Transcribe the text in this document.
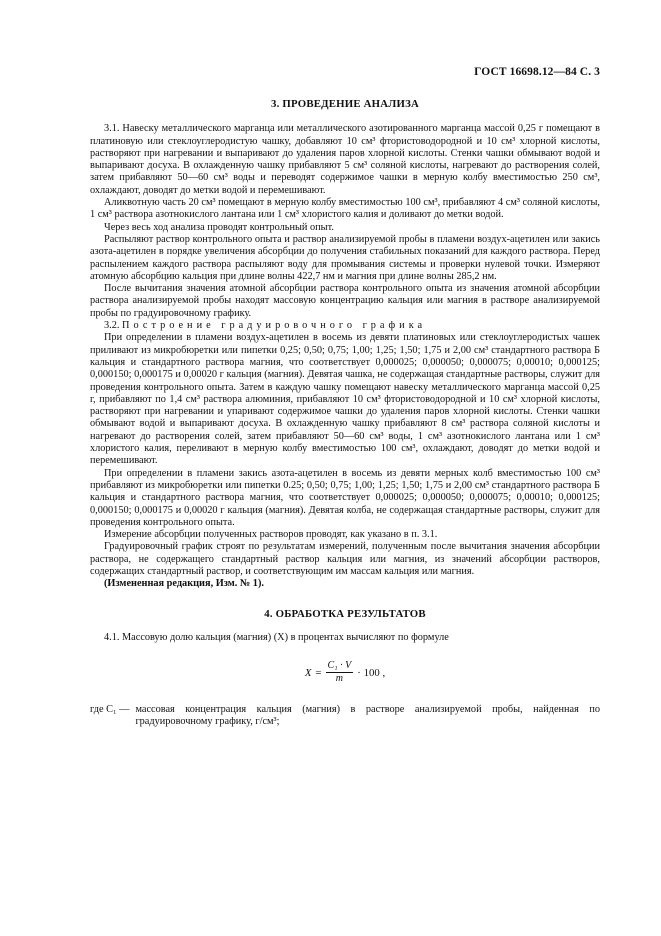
ГОСТ 16698.12—84 С. 3
3. ПРОВЕДЕНИЕ АНАЛИЗА

3.1. Навеску металлического марганца или металлического азотированного марганца массой 0,25 г помещают в платиновую или стеклоуглеродистую чашку, добавляют 10 см³ фтористоводородной и 10 см³ хлорной кислоты, растворяют при нагревании и выпаривают до удаления паров хлорной кислоты. Стенки чашки обмывают водой и выпаривают досуха. В охлажденную чашку прибавляют 5 см³ соляной кислоты, нагревают до растворения солей, затем прибавляют 50—60 см³ воды и переводят содержимое чашки в мерную колбу вместимостью 250 см³, охлаждают, доводят до метки водой и перемешивают.

Аликвотную часть 20 см³ помещают в мерную колбу вместимостью 100 см³, прибавляют 4 см³ соляной кислоты, 1 см³ раствора азотнокислого лантана или 1 см³ хлористого калия и доливают до метки водой.

Через весь ход анализа проводят контрольный опыт.

Распыляют раствор контрольного опыта и раствор анализируемой пробы в пламени воздух-ацетилен или закись азота-ацетилен в порядке увеличения абсорбции до получения стабильных показаний для каждого раствора. Перед распылением каждого раствора распыляют воду для промывания системы и проверки нулевой точки. Измеряют атомную абсорбцию кальция при длине волны 422,7 нм и магния при длине волны 285,2 нм.

После вычитания значения атомной абсорбции раствора контрольного опыта из значения атомной абсорбции раствора анализируемой пробы находят массовую концентрацию кальция или магния в растворе анализируемой пробы по градуировочному графику.

3.2. Построение градуировочного графика

При определении в пламени воздух-ацетилен в восемь из девяти платиновых или стеклоуглеродистых чашек приливают из микробюретки или пипетки 0,25; 0,50; 0,75; 1,00; 1,25; 1,50; 1,75 и 2,00 см³ стандартного раствора Б кальция и стандартного раствора магния, что соответствует 0,000025; 0,000050; 0,000075; 0,00010; 0,000125; 0,000150; 0,000175 и 0,00020 г кальция (магния). Девятая чашка, не содержащая стандартные растворы, служит для проведения контрольного опыта. Затем в каждую чашку помещают навеску металлического марганца массой 0,25 г, прибавляют по 1,4 см³ раствора алюминия, прибавляют 10 см³ фтористоводородной и 10 см³ хлорной кислоты, растворяют при нагревании и упаривают содержимое чашки до удаления паров хлорной кислоты. Стенки чашки обмывают водой и выпаривают досуха. В охлажденную чашку прибавляют 8 см³ раствора соляной кислоты и нагревают до растворения солей, затем прибавляют 50—60 см³ воды, 1 см³ азотнокислого лантана или 1 см³ хлористого калия, переливают в мерную колбу вместимостью 100 см³, охлаждают, доводят до метки водой и перемешивают.

При определении в пламени закись азота-ацетилен в восемь из девяти мерных колб вместимостью 100 см³ прибавляют из микробюретки или пипетки 0.25; 0,50; 0,75; 1,00; 1,25; 1,50; 1,75 и 2,00 см³ стандартного раствора Б кальция и стандартного раствора магния, что соответствует 0,000025; 0,000050; 0,000075; 0,00010; 0,000125; 0,000150; 0,000175 и 0,00020 г кальция (магния). Девятая колба, не содержащая стандартные растворы, служит для проведения контрольного опыта.

Измерение абсорбции полученных растворов проводят, как указано в п. 3.1.

Градуировочный график строят по результатам измерений, полученным после вычитания значения абсорбции раствора, не содержащего стандартный раствор кальция или магния, из значений абсорбции растворов, содержащих стандартный раствор, и соответствующим им массам кальция или магния.

(Измененная редакция, Изм. № 1).

4. ОБРАБОТКА РЕЗУЛЬТАТОВ

4.1. Массовую долю кальция (магния) (X) в процентах вычисляют по формуле

$X = \frac{\text{C₁ · V}}{m} \cdot 100$ ,
где C₁ — массовая концентрация кальция (магния) в растворе анализируемой пробы, найденная по градуировочному графику, г/см³;
